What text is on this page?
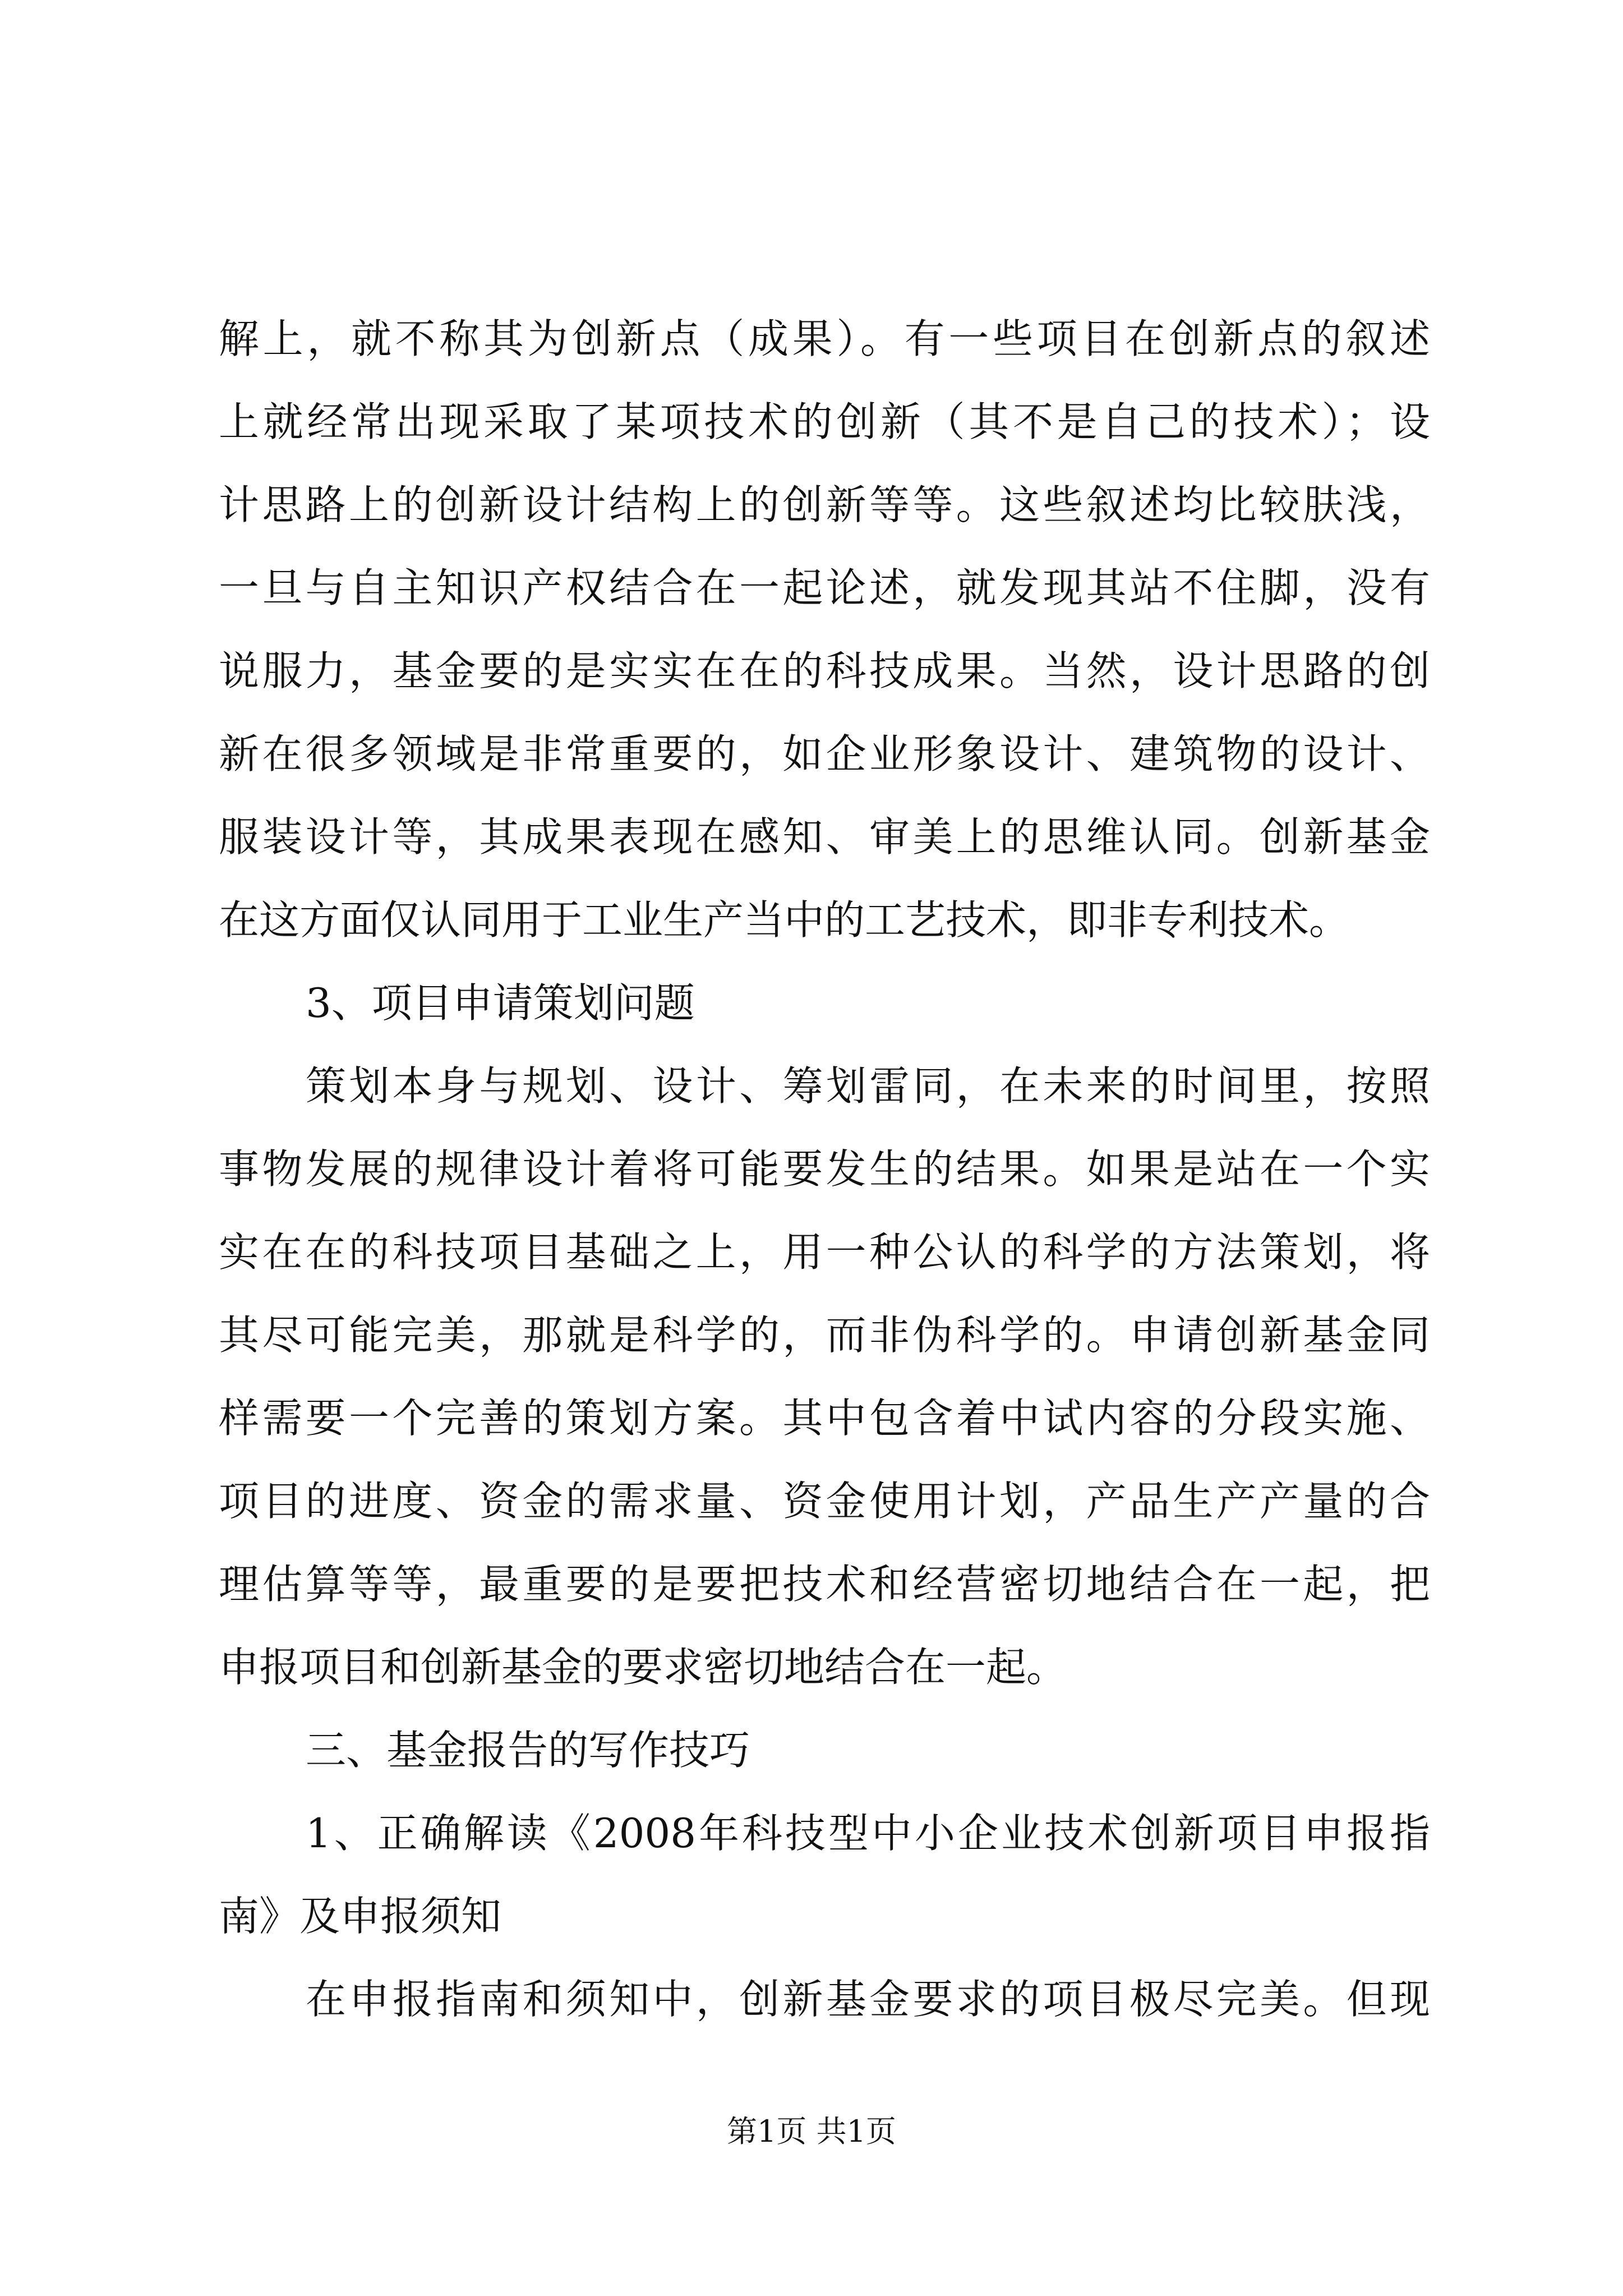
解上，就不称其为创新点（成果）。有一些项目在创新点的叙述
上就经常出现采取了某项技术的创新（其不是自己的技术）；设
计思路上的创新设计结构上的创新等等。这些叙述均比较肤浅，
一旦与自主知识产权结合在一起论述，就发现其站不住脚，没有
说服力，基金要的是实实在在的科技成果。当然，设计思路的创
新在很多领域是非常重要的，如企业形象设计、建筑物的设计、
服装设计等，其成果表现在感知、审美上的思维认同。创新基金
在这方面仅认同用于工业生产当中的工艺技术，即非专利技术。
3、项目申请策划问题
策划本身与规划、设计、筹划雷同，在未来的时间里，按照
事物发展的规律设计着将可能要发生的结果。如果是站在一个实
实在在的科技项目基础之上，用一种公认的科学的方法策划，将
其尽可能完美，那就是科学的，而非伪科学的。申请创新基金同
样需要一个完善的策划方案。其中包含着中试内容的分段实施、
项目的进度、资金的需求量、资金使用计划，产品生产产量的合
理估算等等，最重要的是要把技术和经营密切地结合在一起，把
申报项目和创新基金的要求密切地结合在一起。
三、基金报告的写作技巧
1、正确解读《2008年科技型中小企业技术创新项目申报指
南》及申报须知
在申报指南和须知中，创新基金要求的项目极尽完美。但现
第1页 共1页
